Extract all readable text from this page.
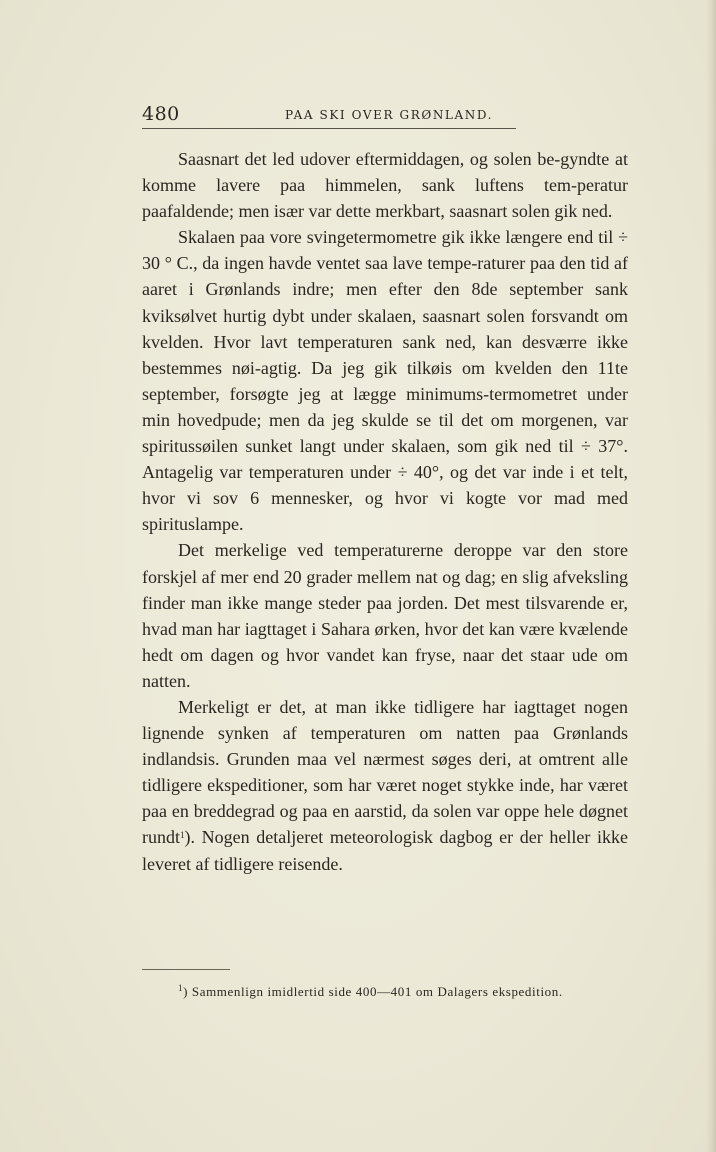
480	PAA SKI OVER GRØNLAND.

Saasnart det led udover eftermiddagen, og solen be-gyndte at komme lavere paa himmelen, sank luftens tem-peratur paafaldende; men især var dette merkbart, saasnart solen gik ned.

Skalaen paa vore svingetermometre gik ikke længere end til ÷ 30 ° C., da ingen havde ventet saa lave tempe-raturer paa den tid af aaret i Grønlands indre; men efter den 8de september sank kviksølvet hurtig dybt under skalaen, saasnart solen forsvandt om kvelden. Hvor lavt temperaturen sank ned, kan desværre ikke bestemmes nøi-agtig. Da jeg gik tilkøis om kvelden den 11te september, forsøgte jeg at lægge minimums-termometret under min hovedpude; men da jeg skulde se til det om morgenen, var spiritussøilen sunket langt under skalaen, som gik ned til ÷ 37°. Antagelig var temperaturen under ÷ 40°, og det var inde i et telt, hvor vi sov 6 mennesker, og hvor vi kogte vor mad med spirituslampe.

Det merkelige ved temperaturerne deroppe var den store forskjel af mer end 20 grader mellem nat og dag; en slig afveksling finder man ikke mange steder paa jorden. Det mest tilsvarende er, hvad man har iagttaget i Sahara ørken, hvor det kan være kvælende hedt om dagen og hvor vandet kan fryse, naar det staar ude om natten.

Merkeligt er det, at man ikke tidligere har iagttaget nogen lignende synken af temperaturen om natten paa Grønlands indlandsis. Grunden maa vel nærmest søges deri, at omtrent alle tidligere ekspeditioner, som har været noget stykke inde, har været paa en breddegrad og paa en aarstid, da solen var oppe hele døgnet rundt$^1$). Nogen detaljeret meteorologisk dagbog er der heller ikke leveret af tidligere reisende.

$^1$) Sammenlign imidlertid side 400—401 om Dalagers ekspedition.
